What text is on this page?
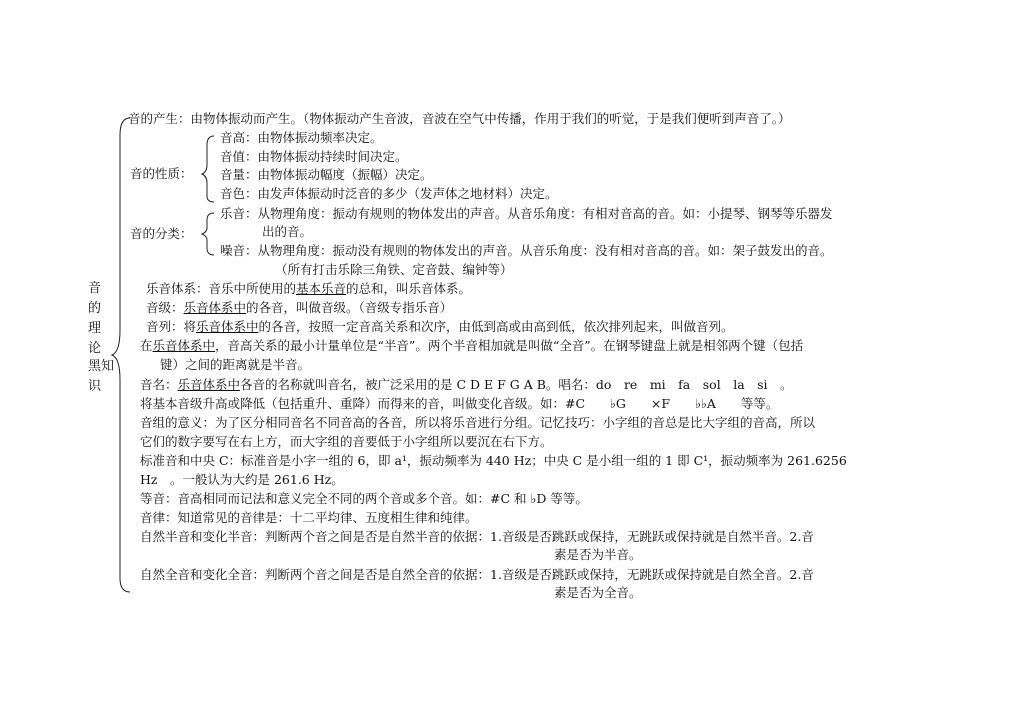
音
的
理
论
黑知
识
音的产生：由物体振动而产生。（物体振动产生音波，音波在空气中传播，作用于我们的听觉，于是我们便听到声音了。）
音的性质：
音高：由物体振动频率决定。
音值：由物体振动持续时间决定。
音量：由物体振动幅度（振幅）决定。
音色：由发声体振动时泛音的多少（发声体之地材料）决定。
音的分类：
乐音：从物理角度：振动有规则的物体发出的声音。从音乐角度：有相对音高的音。如：小提琴、钢琴等乐器发
出的音。
噪音：从物理角度：振动没有规则的物体发出的声音。从音乐角度：没有相对音高的音。如：架子鼓发出的音。
（所有打击乐除三角铁、定音鼓、编钟等）
乐音体系：音乐中所使用的基本乐音的总和，叫乐音体系。
音级：乐音体系中的各音，叫做音级。（音级专指乐音）
音列：将乐音体系中的各音，按照一定音高关系和次序，由低到高或由高到低，依次排列起来，叫做音列。
在乐音体系中，音高关系的最小计量单位是“半音”。两个半音相加就是叫做“全音”。在钢琴键盘上就是相邻两个键（包括
键）之间的距离就是半音。
音名：乐音体系中各音的名称就叫音名，被广泛采用的是 C D E F G A B。唱名：do　re　mi　fa　sol　la　si　。
将基本音级升高或降低（包括重升、重降）而得来的音，叫做变化音级。如：#C　　♭G　　×F　　♭♭A　　等等。
音组的意义：为了区分相同音名不同音高的各音，所以将乐音进行分组。记忆技巧：小字组的音总是比大字组的音高，所以
它们的数字要写在右上方，而大字组的音要低于小字组所以要沉在右下方。
标准音和中央 C：标准音是小字一组的 6，即 a¹，振动频率为 440 Hz；中央 C 是小组一组的 1 即 C¹，振动频率为 261.6256
Hz　。一般认为大约是 261.6 Hz。
等音：音高相同而记法和意义完全不同的两个音或多个音。如：#C 和 ♭D 等等。
音律：知道常见的音律是：十二平均律、五度相生律和纯律。
自然半音和变化半音：判断两个音之间是否是自然半音的依据：1.音级是否跳跃或保持，无跳跃或保持就是自然半音。2.音
素是否为半音。
自然全音和变化全音：判断两个音之间是否是自然全音的依据：1.音级是否跳跃或保持，无跳跃或保持就是自然全音。2.音
素是否为全音。
